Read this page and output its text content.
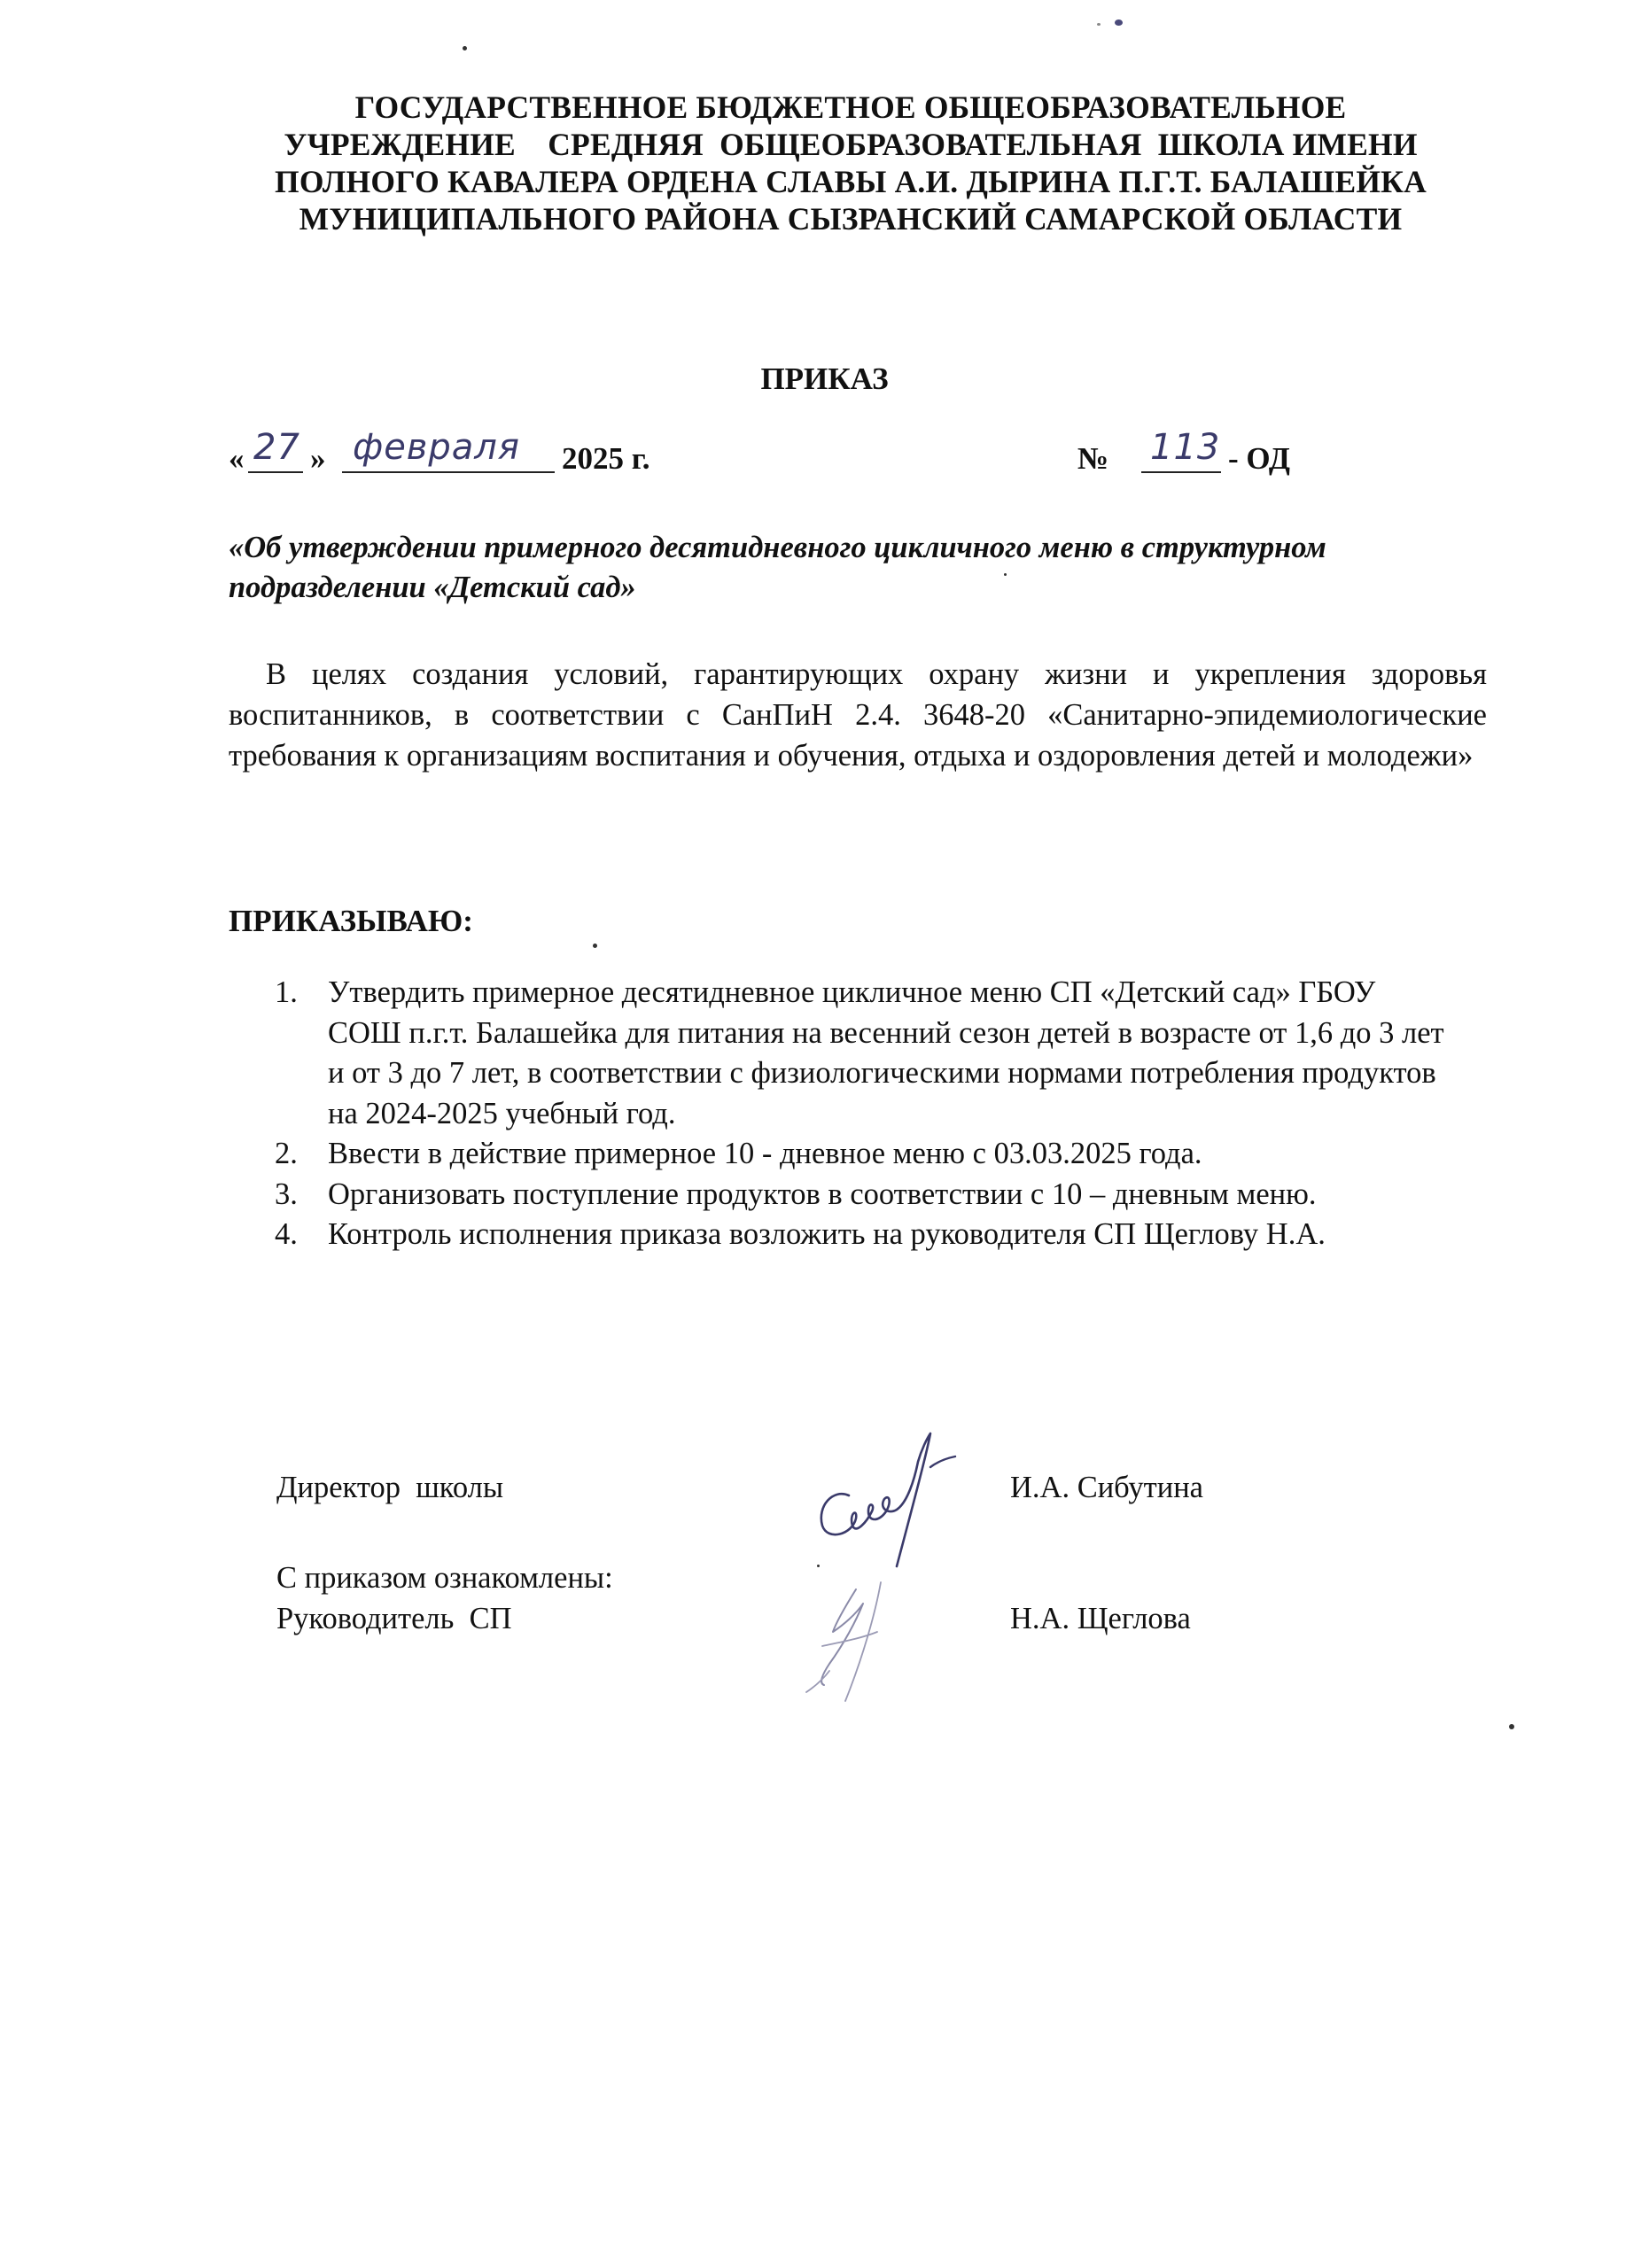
ГОСУДАРСТВЕННОЕ БЮДЖЕТНОЕ ОБЩЕОБРАЗОВАТЕЛЬНОЕ
УЧРЕЖДЕНИЕ    СРЕДНЯЯ  ОБЩЕОБРАЗОВАТЕЛЬНАЯ  ШКОЛА ИМЕНИ
ПОЛНОГО КАВАЛЕРА ОРДЕНА СЛАВЫ А.И. ДЫРИНА П.Г.Т. БАЛАШЕЙКА
МУНИЦИПАЛЬНОГО РАЙОНА СЫЗРАНСКИЙ САМАРСКОЙ ОБЛАСТИ
ПРИКАЗ
« 27 » февраля 2025 г.	№ 113 - ОД
«Об утверждении примерного десятидневного цикличного меню в структурном подразделении «Детский сад»

В целях создания условий, гарантирующих охрану жизни и укрепления здоровья воспитанников, в соответствии с СанПиН 2.4. 3648-20 «Санитарно-эпидемиологические требования к организациям воспитания и обучения, отдыха и оздоровления детей и молодежи»

ПРИКАЗЫВАЮ:
1. Утвердить примерное десятидневное цикличное меню СП «Детский сад» ГБОУ СОШ п.г.т. Балашейка для питания на весенний сезон детей в возрасте от 1,6 до 3 лет и от 3 до 7 лет, в соответствии с физиологическими нормами потребления продуктов на 2024-2025 учебный год.
2. Ввести в действие примерное 10 - дневное меню с 03.03.2025 года.
3. Организовать поступление продуктов в соответствии с 10 – дневным меню.
4. Контроль исполнения приказа возложить на руководителя СП Щеглову Н.А.
Директор  школы	И.А. Сибутина
С приказом ознакомлены:
Руководитель  СП	Н.А. Щеглова
